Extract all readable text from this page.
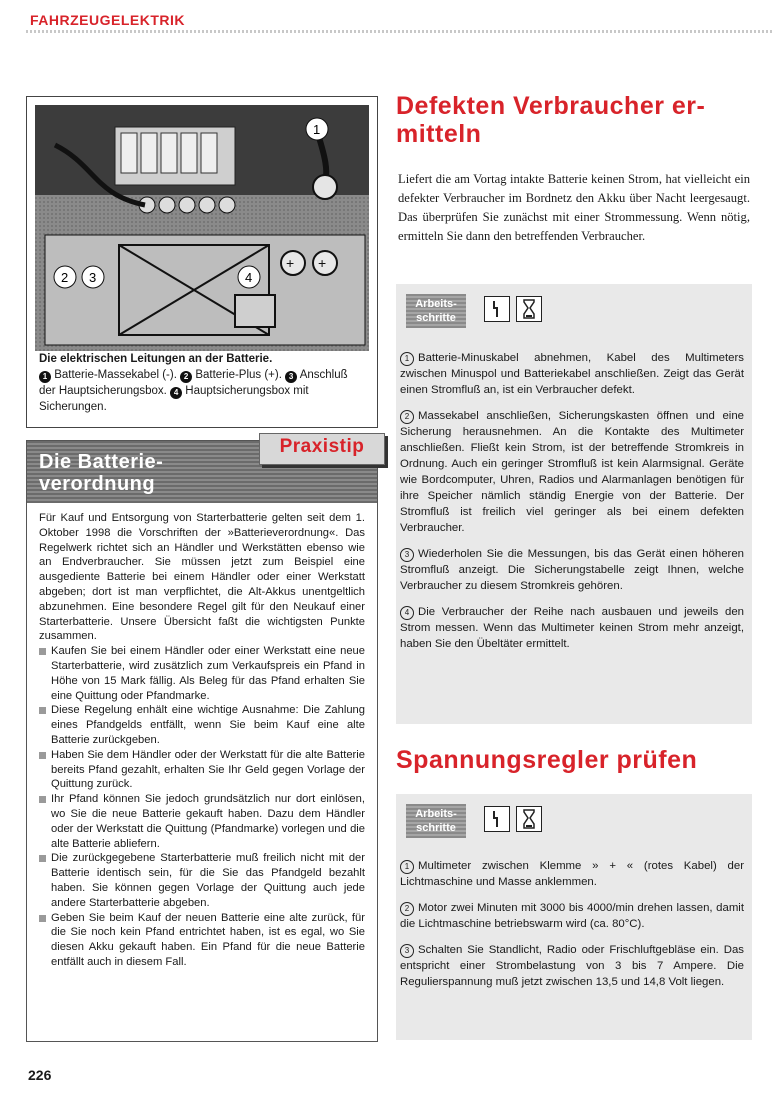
FAHRZEUGELEKTRIK
+ +
1
2 3	4
Die elektrischen Leitungen an der Batterie.
1 Batterie-Massekabel (-). 2 Batterie-Plus (+). 3 Anschluß der Hauptsicherungsbox. 4 Hauptsicherungsbox mit Sicherungen.
Die Batterie-
verordnung
Praxistip

Für Kauf und Entsorgung von Starterbatterie gelten seit dem 1. Oktober 1998 die Vorschriften der »Batterieverordnung«. Das Regelwerk richtet sich an Händler und Werkstätten ebenso wie an Endverbraucher. Sie müssen jetzt zum Beispiel eine ausgediente Batterie bei einem Händler oder einer Werkstatt abgeben; dort ist man verpflichtet, die Alt-Akkus unentgeltlich abzunehmen. Eine besondere Regel gilt für den Neukauf einer Starterbatterie. Unsere Übersicht faßt die wichtigsten Punkte zusammen.

Kaufen Sie bei einem Händler oder einer Werkstatt eine neue Starterbatterie, wird zusätzlich zum Verkaufspreis ein Pfand in Höhe von 15 Mark fällig. Als Beleg für das Pfand erhalten Sie eine Quittung oder Pfandmarke.

Diese Regelung enhält eine wichtige Ausnahme: Die Zahlung eines Pfandgelds entfällt, wenn Sie beim Kauf eine alte Batterie zurückgeben.

Haben Sie dem Händler oder der Werkstatt für die alte Batterie bereits Pfand gezahlt, erhalten Sie Ihr Geld gegen Vorlage der Quittung zurück.

Ihr Pfand können Sie jedoch grundsätzlich nur dort einlösen, wo Sie die neue Batterie gekauft haben. Dazu dem Händler oder der Werkstatt die Quittung (Pfandmarke) vorlegen und die alte Batterie abliefern.

Die zurückgegebene Starterbatterie muß freilich nicht mit der Batterie identisch sein, für die Sie das Pfandgeld bezahlt haben. Sie können gegen Vorlage der Quittung auch jede andere Starterbatterie abgeben.

Geben Sie beim Kauf der neuen Batterie eine alte zurück, für die Sie noch kein Pfand entrichtet haben, ist es egal, wo Sie diesen Akku gekauft haben. Ein Pfand für die neue Batterie entfällt auch in diesem Fall.

226
Defekten Verbraucher er-
mitteln
Liefert die am Vortag intakte Batterie keinen Strom, hat vielleicht ein defekter Verbraucher im Bordnetz den Akku über Nacht leergesaugt. Das überprüfen Sie zunächst mit einer Strommessung. Wenn nötig, ermitteln Sie dann den betreffenden Verbraucher.
Arbeits-
schritte

1 Batterie-Minuskabel abnehmen, Kabel des Multimeters zwischen Minuspol und Batteriekabel anschließen. Zeigt das Gerät einen Stromfluß an, ist ein Verbraucher defekt.

2 Massekabel anschließen, Sicherungskasten öffnen und eine Sicherung herausnehmen. An die Kontakte des Multimeter anschließen. Fließt kein Strom, ist der betreffende Stromkreis in Ordnung. Auch ein geringer Stromfluß ist kein Alarmsignal. Geräte wie Bordcomputer, Uhren, Radios und Alarmanlagen benötigen für ihre Speicher nämlich ständig Energie von der Batterie. Der Stromfluß ist freilich viel geringer als bei einem defekten Verbraucher.

3 Wiederholen Sie die Messungen, bis das Gerät einen höheren Stromfluß anzeigt. Die Sicherungstabelle zeigt Ihnen, welche Verbraucher zu diesem Stromkreis gehören.

4 Die Verbraucher der Reihe nach ausbauen und jeweils den Strom messen. Wenn das Multimeter keinen Strom mehr anzeigt, haben Sie den Übeltäter ermittelt.

Spannungsregler prüfen
Arbeits-
schritte

1 Multimeter zwischen Klemme » + « (rotes Kabel) der Lichtmaschine und Masse anklemmen.

2 Motor zwei Minuten mit 3000 bis 4000/min drehen lassen, damit die Lichtmaschine betriebswarm wird (ca. 80°C).

3 Schalten Sie Standlicht, Radio oder Frischluftgebläse ein. Das entspricht einer Strombelastung von 3 bis 7 Ampere. Die Regulierspannung muß jetzt zwischen 13,5 und 14,8 Volt liegen.
